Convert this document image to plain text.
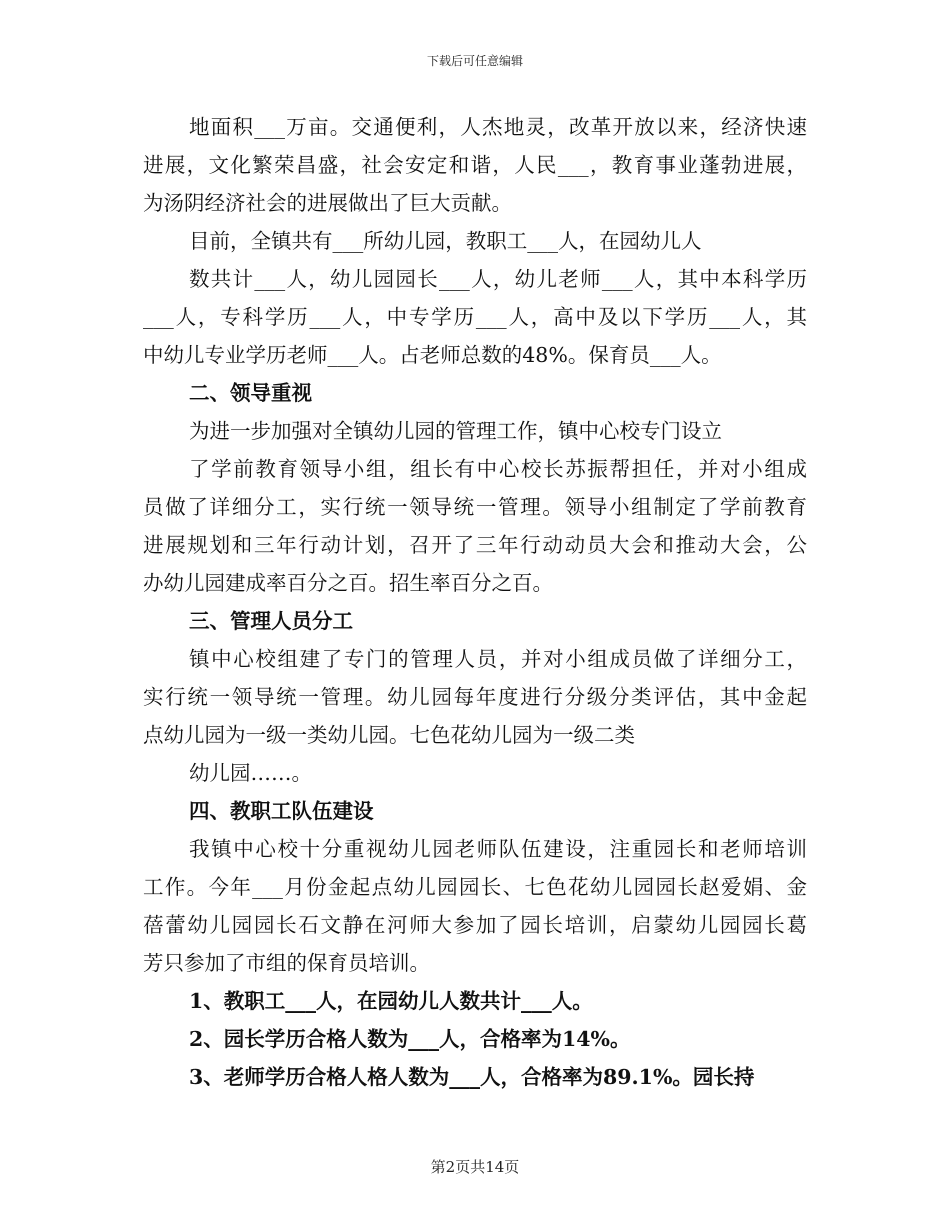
下载后可任意编辑
地面积___万亩。交通便利，人杰地灵，改革开放以来，经济快速
进展，文化繁荣昌盛，社会安定和谐，人民___，教育事业蓬勃进展，
为汤阴经济社会的进展做出了巨大贡献。
目前，全镇共有___所幼儿园，教职工___人，在园幼儿人
数共计___人，幼儿园园长___人，幼儿老师___人，其中本科学历
___人，专科学历___人，中专学历___人，高中及以下学历___人，其
中幼儿专业学历老师___人。占老师总数的48%。保育员___人。
二、领导重视
为进一步加强对全镇幼儿园的管理工作，镇中心校专门设立
了学前教育领导小组，组长有中心校长苏振帮担任，并对小组成
员做了详细分工，实行统一领导统一管理。领导小组制定了学前教育
进展规划和三年行动计划，召开了三年行动动员大会和推动大会，公
办幼儿园建成率百分之百。招生率百分之百。
三、管理人员分工
镇中心校组建了专门的管理人员，并对小组成员做了详细分工，
实行统一领导统一管理。幼儿园每年度进行分级分类评估，其中金起
点幼儿园为一级一类幼儿园。七色花幼儿园为一级二类
幼儿园……。
四、教职工队伍建设
我镇中心校十分重视幼儿园老师队伍建设，注重园长和老师培训
工作。今年___月份金起点幼儿园园长、七色花幼儿园园长赵爱娟、金
蓓蕾幼儿园园长石文静在河师大参加了园长培训，启蒙幼儿园园长葛
芳只参加了市组的保育员培训。
1、教职工___人，在园幼儿人数共计___人。
2、园长学历合格人数为___人，合格率为14%。
3、老师学历合格人格人数为___人，合格率为89.1%。园长持
第2页共14页
